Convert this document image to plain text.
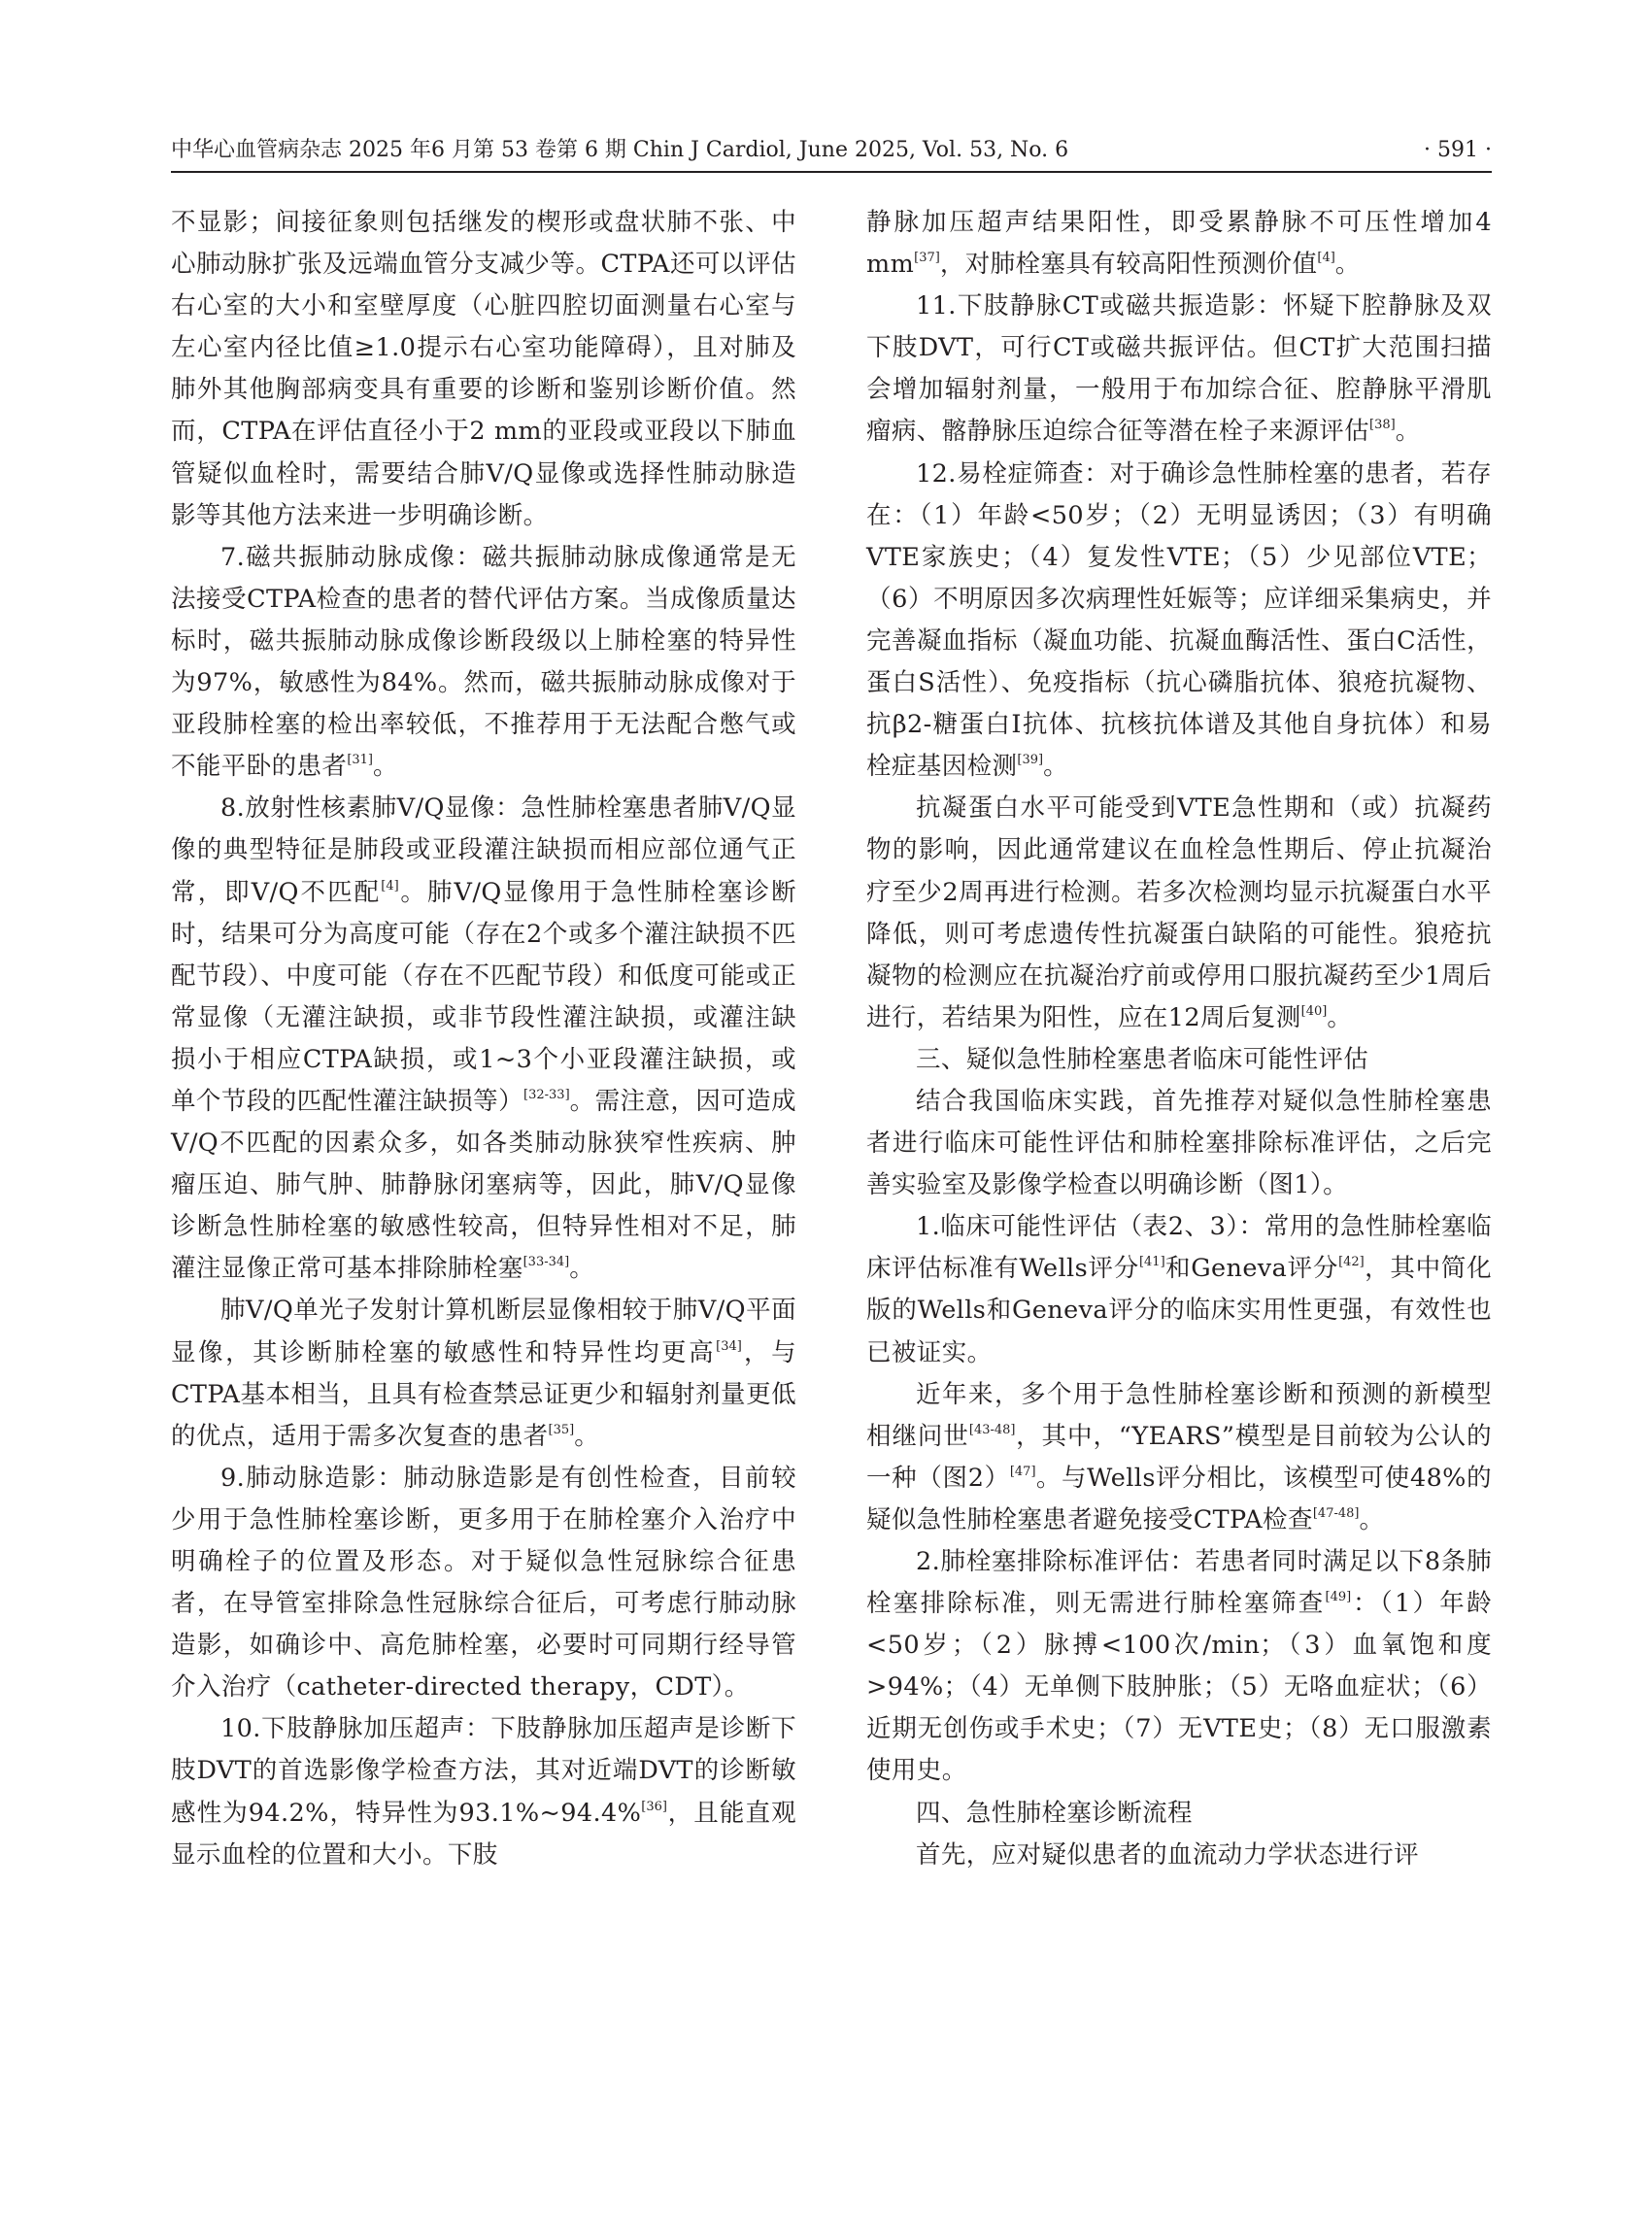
中华心血管病杂志 2025 年6 月第 53 卷第 6 期 Chin J Cardiol, June 2025, Vol. 53, No. 6	· 591 ·

不显影；间接征象则包括继发的楔形或盘状肺不张、中心肺动脉扩张及远端血管分支减少等。CTPA还可以评估右心室的大小和室壁厚度（心脏四腔切面测量右心室与左心室内径比值≥1.0提示右心室功能障碍），且对肺及肺外其他胸部病变具有重要的诊断和鉴别诊断价值。然而，CTPA在评估直径小于2 mm的亚段或亚段以下肺血管疑似血栓时，需要结合肺V/Q显像或选择性肺动脉造影等其他方法来进一步明确诊断。

7.磁共振肺动脉成像：磁共振肺动脉成像通常是无法接受CTPA检查的患者的替代评估方案。当成像质量达标时，磁共振肺动脉成像诊断段级以上肺栓塞的特异性为97%，敏感性为84%。然而，磁共振肺动脉成像对于亚段肺栓塞的检出率较低，不推荐用于无法配合憋气或不能平卧的患者[31]。

8.放射性核素肺V/Q显像：急性肺栓塞患者肺V/Q显像的典型特征是肺段或亚段灌注缺损而相应部位通气正常，即V/Q不匹配[4]。肺V/Q显像用于急性肺栓塞诊断时，结果可分为高度可能（存在2个或多个灌注缺损不匹配节段）、中度可能（存在不匹配节段）和低度可能或正常显像（无灌注缺损，或非节段性灌注缺损，或灌注缺损小于相应CTPA缺损，或1~3个小亚段灌注缺损，或单个节段的匹配性灌注缺损等）[32-33]。需注意，因可造成V/Q不匹配的因素众多，如各类肺动脉狭窄性疾病、肿瘤压迫、肺气肿、肺静脉闭塞病等，因此，肺V/Q显像诊断急性肺栓塞的敏感性较高，但特异性相对不足，肺灌注显像正常可基本排除肺栓塞[33-34]。

肺V/Q单光子发射计算机断层显像相较于肺V/Q平面显像，其诊断肺栓塞的敏感性和特异性均更高[34]，与CTPA基本相当，且具有检查禁忌证更少和辐射剂量更低的优点，适用于需多次复查的患者[35]。

9.肺动脉造影：肺动脉造影是有创性检查，目前较少用于急性肺栓塞诊断，更多用于在肺栓塞介入治疗中明确栓子的位置及形态。对于疑似急性冠脉综合征患者，在导管室排除急性冠脉综合征后，可考虑行肺动脉造影，如确诊中、高危肺栓塞，必要时可同期行经导管介入治疗（catheter-directed therapy，CDT）。

10.下肢静脉加压超声：下肢静脉加压超声是诊断下肢DVT的首选影像学检查方法，其对近端DVT的诊断敏感性为94.2%，特异性为93.1%~94.4%[36]，且能直观显示血栓的位置和大小。下肢

静脉加压超声结果阳性，即受累静脉不可压性增加4 mm[37]，对肺栓塞具有较高阳性预测价值[4]。

11.下肢静脉CT或磁共振造影：怀疑下腔静脉及双下肢DVT，可行CT或磁共振评估。但CT扩大范围扫描会增加辐射剂量，一般用于布加综合征、腔静脉平滑肌瘤病、髂静脉压迫综合征等潜在栓子来源评估[38]。

12.易栓症筛查：对于确诊急性肺栓塞的患者，若存在：（1）年龄<50岁；（2）无明显诱因；（3）有明确VTE家族史；（4）复发性VTE；（5）少见部位VTE；（6）不明原因多次病理性妊娠等；应详细采集病史，并完善凝血指标（凝血功能、抗凝血酶活性、蛋白C活性，蛋白S活性）、免疫指标（抗心磷脂抗体、狼疮抗凝物、抗β2-糖蛋白I抗体、抗核抗体谱及其他自身抗体）和易栓症基因检测[39]。

抗凝蛋白水平可能受到VTE急性期和（或）抗凝药物的影响，因此通常建议在血栓急性期后、停止抗凝治疗至少2周再进行检测。若多次检测均显示抗凝蛋白水平降低，则可考虑遗传性抗凝蛋白缺陷的可能性。狼疮抗凝物的检测应在抗凝治疗前或停用口服抗凝药至少1周后进行，若结果为阳性，应在12周后复测[40]。

三、疑似急性肺栓塞患者临床可能性评估

结合我国临床实践，首先推荐对疑似急性肺栓塞患者进行临床可能性评估和肺栓塞排除标准评估，之后完善实验室及影像学检查以明确诊断（图1）。

1.临床可能性评估（表2、3）：常用的急性肺栓塞临床评估标准有Wells评分[41]和Geneva评分[42]，其中简化版的Wells和Geneva评分的临床实用性更强，有效性也已被证实。

近年来，多个用于急性肺栓塞诊断和预测的新模型相继问世[43-48]，其中，“YEARS”模型是目前较为公认的一种（图2）[47]。与Wells评分相比，该模型可使48%的疑似急性肺栓塞患者避免接受CTPA检查[47-48]。

2.肺栓塞排除标准评估：若患者同时满足以下8条肺栓塞排除标准，则无需进行肺栓塞筛查[49]：（1）年龄<50岁；（2）脉搏<100次/min；（3）血氧饱和度>94%；（4）无单侧下肢肿胀；（5）无咯血症状；（6）近期无创伤或手术史；（7）无VTE史；（8）无口服激素使用史。

四、急性肺栓塞诊断流程

首先，应对疑似患者的血流动力学状态进行评
